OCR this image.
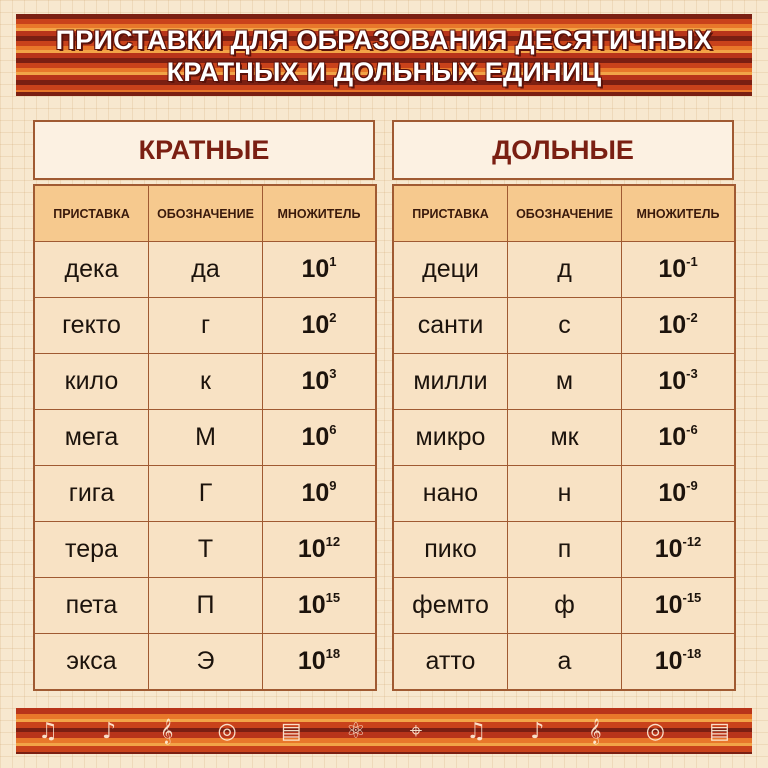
ПРИСТАВКИ ДЛЯ ОБРАЗОВАНИЯ ДЕСЯТИЧНЫХ
КРАТНЫХ И ДОЛЬНЫХ ЕДИНИЦ
КРАТНЫЕ	ДОЛЬНЫЕ
ПРИСТАВКА	ОБОЗНАЧЕНИЕ	МНОЖИТЕЛЬ
дека	да	$10^1$
гекто	г	$10^2$
кило	к	$10^3$
мега	М	$10^6$
гига	Г	$10^9$
тера	Т	$10^{12}$
пета	П	$10^{15}$
экса	Э	$10^{18}$
ПРИСТАВКА	ОБОЗНАЧЕНИЕ	МНОЖИТЕЛЬ
деци	д	$10^{-1}$
санти	с	$10^{-2}$
милли	м	$10^{-3}$
микро	мк	$10^{-6}$
нано	н	$10^{-9}$
пико	п	$10^{-12}$
фемто	ф	$10^{-15}$
атто	а	$10^{-18}$
♫ ♪ 𝄞 ◎ ▤ ⚛ ⌖ ♫ ♪ 𝄞 ◎ ▤
